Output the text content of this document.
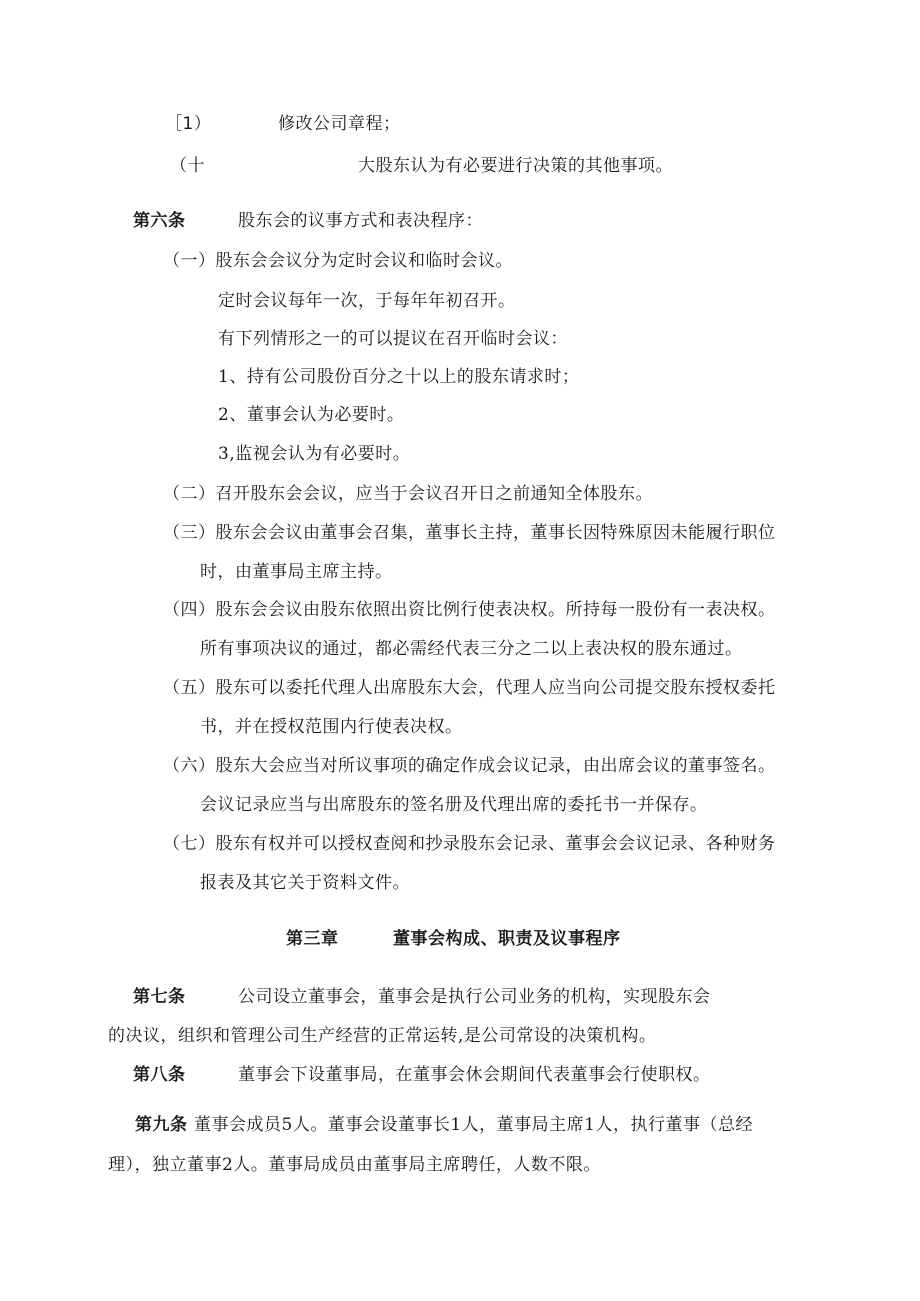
［1）	修改公司章程；
（十	大股东认为有必要进行决策的其他事项。
第六条	股东会的议事方式和表决程序：
（一）股东会会议分为定时会议和临时会议。
定时会议每年一次，于每年年初召开。
有下列情形之一的可以提议在召开临时会议：
1、持有公司股份百分之十以上的股东请求时；
2、董事会认为必要时。
3,监视会认为有必要时。
（二）召开股东会会议，应当于会议召开日之前通知全体股东。
（三）股东会会议由董事会召集，董事长主持，董事长因特殊原因未能履行职位
时，由董事局主席主持。
（四）股东会会议由股东依照出资比例行使表决权。所持每一股份有一表决权。
所有事项决议的通过，都必需经代表三分之二以上表决权的股东通过。
（五）股东可以委托代理人出席股东大会，代理人应当向公司提交股东授权委托
书，并在授权范围内行使表决权。
（六）股东大会应当对所议事项的确定作成会议记录，由出席会议的董事签名。
会议记录应当与出席股东的签名册及代理出席的委托书一并保存。
（七）股东有权并可以授权查阅和抄录股东会记录、董事会会议记录、各种财务
报表及其它关于资料文件。
第三章	董事会构成、职责及议事程序
第七条	公司设立董事会，董事会是执行公司业务的机构，实现股东会
的决议，组织和管理公司生产经营的正常运转,是公司常设的决策机构。
第八条	董事会下设董事局，在董事会休会期间代表董事会行使职权。
第九条 董事会成员5人。董事会设董事长1人，董事局主席1人，执行董事（总经
理），独立董事2人。董事局成员由董事局主席聘任，人数不限。
